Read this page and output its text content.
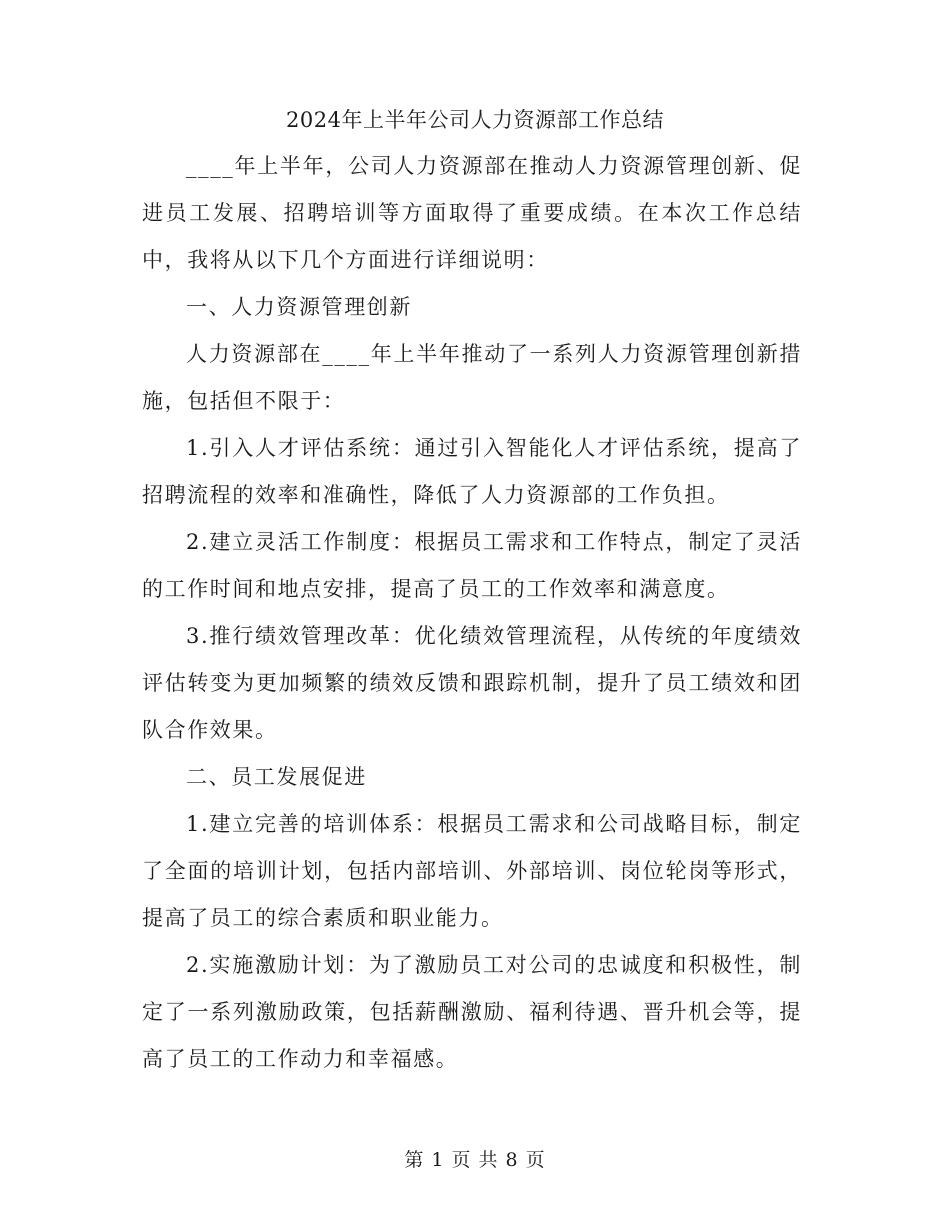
2024年上半年公司人力资源部工作总结

____年上半年，公司人力资源部在推动人力资源管理创新、促进员工发展、招聘培训等方面取得了重要成绩。在本次工作总结中，我将从以下几个方面进行详细说明：

一、人力资源管理创新

人力资源部在____年上半年推动了一系列人力资源管理创新措施，包括但不限于：

1.引入人才评估系统：通过引入智能化人才评估系统，提高了招聘流程的效率和准确性，降低了人力资源部的工作负担。

2.建立灵活工作制度：根据员工需求和工作特点，制定了灵活的工作时间和地点安排，提高了员工的工作效率和满意度。

3.推行绩效管理改革：优化绩效管理流程，从传统的年度绩效评估转变为更加频繁的绩效反馈和跟踪机制，提升了员工绩效和团队合作效果。

二、员工发展促进

1.建立完善的培训体系：根据员工需求和公司战略目标，制定了全面的培训计划，包括内部培训、外部培训、岗位轮岗等形式，提高了员工的综合素质和职业能力。

2.实施激励计划：为了激励员工对公司的忠诚度和积极性，制定了一系列激励政策，包括薪酬激励、福利待遇、晋升机会等，提高了员工的工作动力和幸福感。

第 1 页 共 8 页
